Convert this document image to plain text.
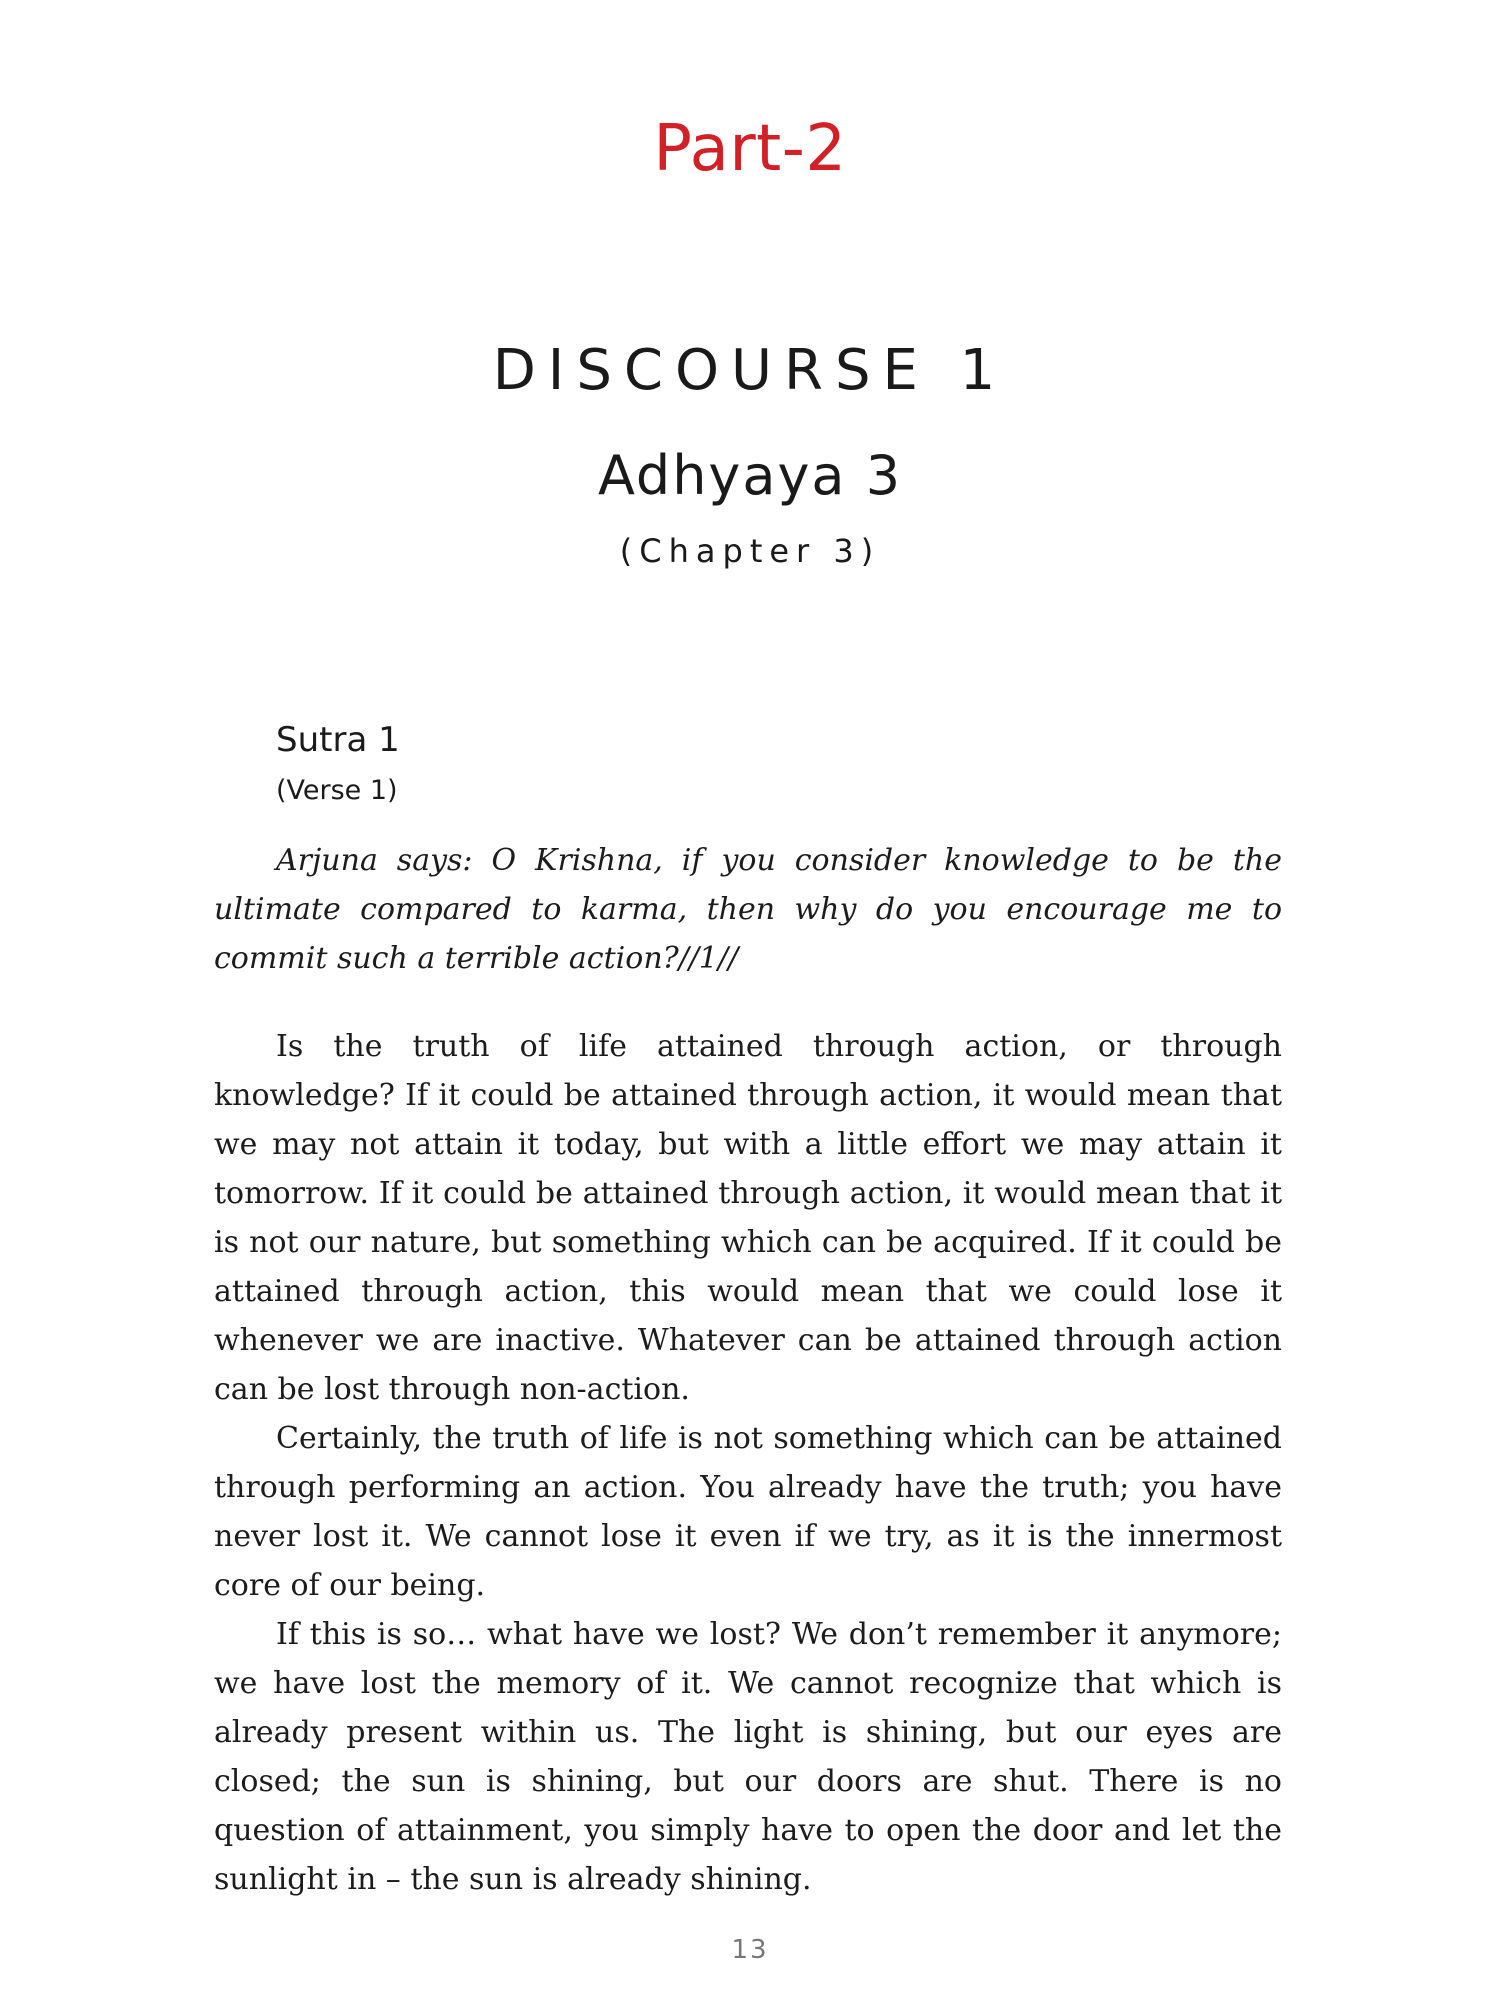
Part-2
DISCOURSE 1
Adhyaya 3
(Chapter 3)
Sutra 1
(Verse 1)

Arjuna says: O Krishna, if you consider knowledge to be the ultimate compared to karma, then why do you encourage me to commit such a terrible action?//1//

Is the truth of life attained through action, or through knowledge? If it could be attained through action, it would mean that we may not attain it today, but with a little effort we may attain it tomorrow. If it could be attained through action, it would mean that it is not our nature, but something which can be acquired. If it could be attained through action, this would mean that we could lose it whenever we are inactive. Whatever can be attained through action can be lost through non-action.

Certainly, the truth of life is not something which can be attained through performing an action. You already have the truth; you have never lost it. We cannot lose it even if we try, as it is the innermost core of our being.

If this is so… what have we lost? We don’t remember it anymore; we have lost the memory of it. We cannot recognize that which is already present within us. The light is shining, but our eyes are closed; the sun is shining, but our doors are shut. There is no question of attainment, you simply have to open the door and let the sunlight in – the sun is already shining.

13
